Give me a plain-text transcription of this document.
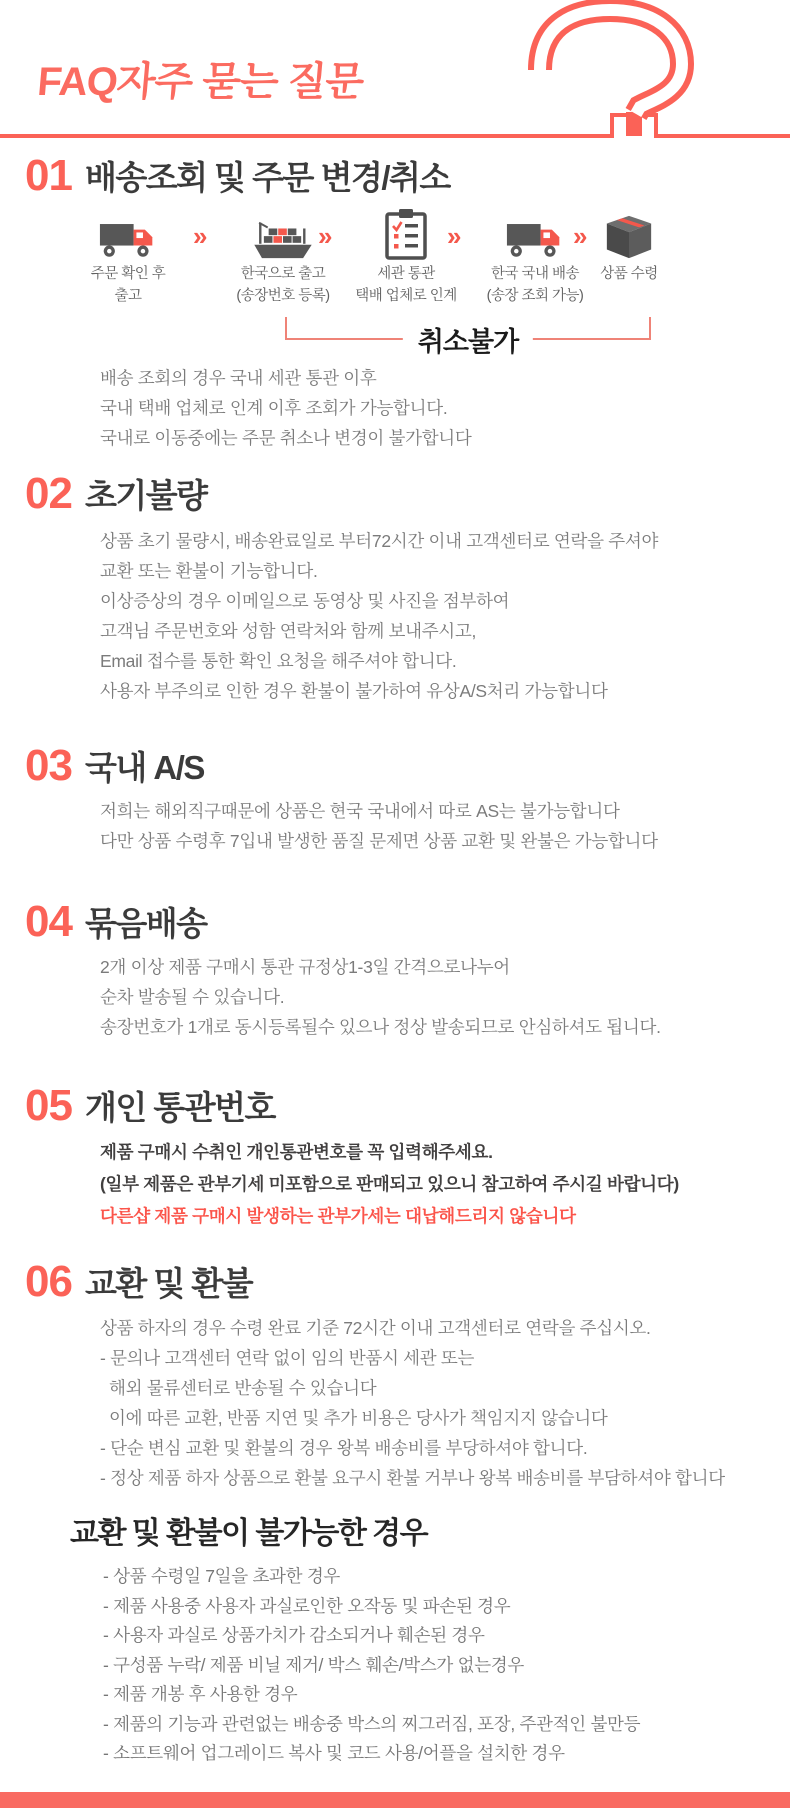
FAQ자주 묻는 질문
01 배송조회 및 주문 변경/취소
주문 확인 후
출고
»
한국으로 출고
(송장번호 등록)
»
세관 통관
택배 업체로 인계
»
한국 국내 배송
(송장 조회 가능)
»
상품 수령
취소불가

배송 조회의 경우 국내 세관 통관 이후

국내 택배 업체로 인계 이후 조회가 가능합니다.

국내로 이동중에는 주문 취소나 변경이 불가합니다

02 초기불량

상품 초기 물량시, 배송완료일로 부터72시간 이내 고객센터로 연락을 주셔야

교환 또는 환불이 기능합니다.

이상증상의 경우 이메일으로 동영상 및 사진을 점부하여

고객님 주문번호와 성함 연락처와 함께 보내주시고,

Email 접수를 통한 확인 요청을 해주셔야 합니다.

사용자 부주의로 인한 경우 환불이 불가하여 유상A/S처리 가능합니다

03 국내 A/S

저희는 해외직구때문에 상품은 현국 국내에서 따로 AS는 불가능합니다

다만 상품 수령후 7입내 발생한 품질 문제면 상품 교환 및 완불은 가능합니다

04 묶음배송

2개 이상 제품 구매시 통관 규정상1-3일 간격으로나누어

순차 발송될 수 있습니다.

송장번호가 1개로 동시등록될수 있으나 정상 발송되므로 안심하셔도 됩니다.

05 개인 통관번호

제품 구매시 수취인 개인통관변호를 꼭 입력해주세요.

(일부 제품은 관부기세 미포함으로 판매되고 있으니 참고하여 주시길 바랍니다)

다른샵 제품 구매시 발생하는 관부가세는 대납해드리지 않습니다

06 교환 및 환불

상품 하자의 경우 수령 완료 기준 72시간 이내 고객센터로 연락을 주십시오.

- 문의나 고객센터 연락 없이 임의 반품시 세관 또는

해외 물류센터로 반송될 수 있습니다

이에 따른 교환, 반품 지연 및 추가 비용은 당사가 책임지지 않습니다

- 단순 변심 교환 및 환불의 경우 왕복 배송비를 부당하셔야 합니다.

- 정상 제품 하자 상품으로 환불 요구시 환불 거부나 왕복 배송비를 부담하셔야 합니다

교환 및 환불이 불가능한 경우

- 상품 수령일 7일을 초과한 경우

- 제품 사용중 사용자 과실로인한 오작동 및 파손된 경우

- 사용자 과실로 상품가치가 감소되거나 훼손된 경우

- 구성품 누락/ 제품 비닐 제거/ 박스 훼손/박스가 없는경우

- 제품 개봉 후 사용한 경우

- 제품의 기능과 관련없는 배송중 박스의 찌그러짐, 포장, 주관적인 불만등

- 소프트웨어 업그레이드 복사 및 코드 사용/어플을 설치한 경우
